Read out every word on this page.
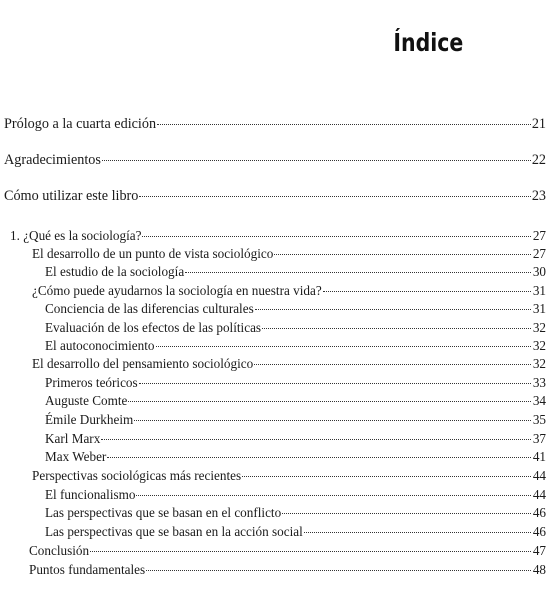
Índice
Prólogo a la cuarta edición	21
Agradecimientos	22
Cómo utilizar este libro	23
1. ¿Qué es la sociología?	27
El desarrollo de un punto de vista sociológico	27
El estudio de la sociología	30
¿Cómo puede ayudarnos la sociología en nuestra vida?	31
Conciencia de las diferencias culturales	31
Evaluación de los efectos de las políticas	32
El autoconocimiento	32
El desarrollo del pensamiento sociológico	32
Primeros teóricos	33
Auguste Comte	34
Émile Durkheim	35
Karl Marx	37
Max Weber	41
Perspectivas sociológicas más recientes	44
El funcionalismo	44
Las perspectivas que se basan en el conflicto	46
Las perspectivas que se basan en la acción social	46
Conclusión	47
Puntos fundamentales	48
